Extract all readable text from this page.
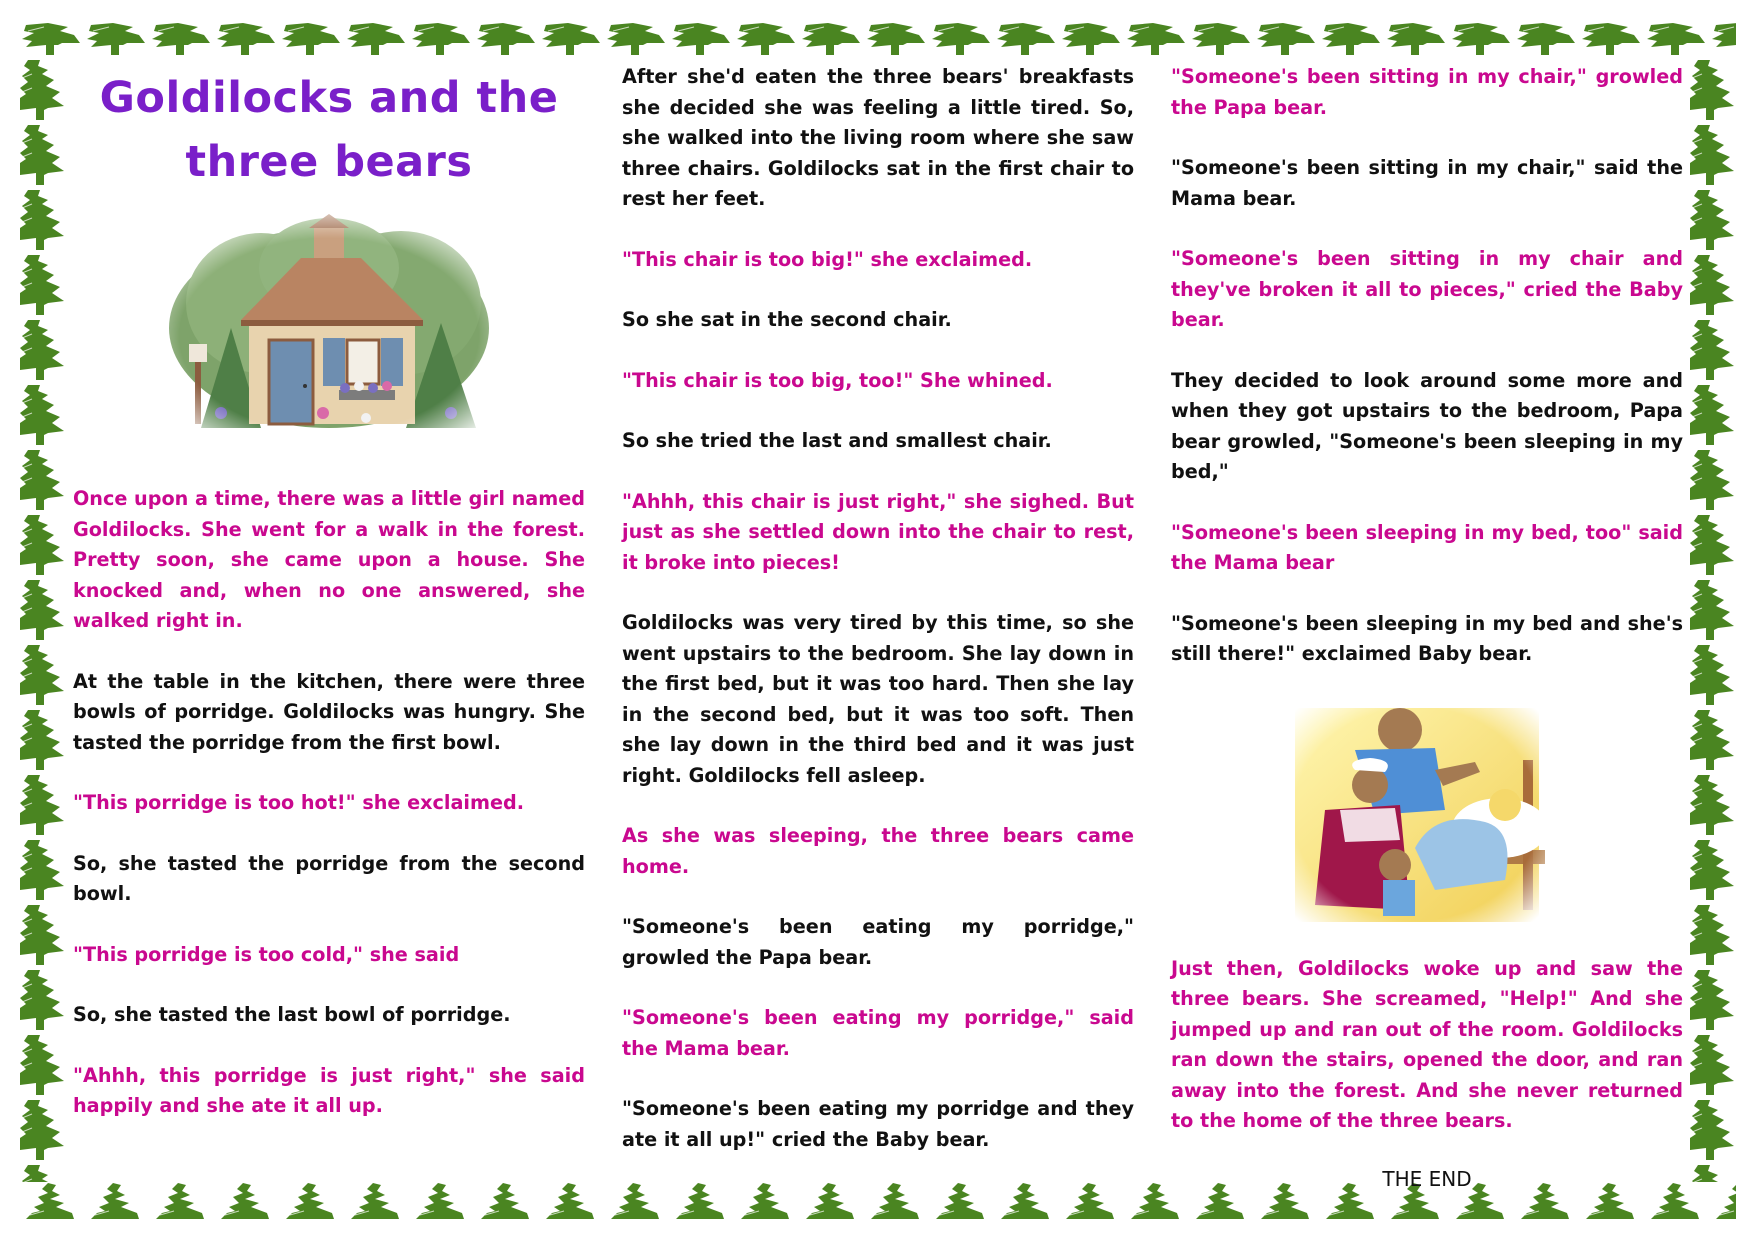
Goldilocks and the
three bears

Once upon a time, there was a little girl named Goldilocks. She went for a walk in the forest. Pretty soon, she came upon a house. She knocked and, when no one answered, she walked right in.

At the table in the kitchen, there were three bowls of porridge. Goldilocks was hungry. She tasted the porridge from the first bowl.

"This porridge is too hot!" she exclaimed.

So, she tasted the porridge from the second bowl.

"This porridge is too cold," she said

So, she tasted the last bowl of porridge.

"Ahhh, this porridge is just right," she said happily and she ate it all up.

After she'd eaten the three bears' breakfasts she decided she was feeling a little tired. So, she walked into the living room where she saw three chairs. Goldilocks sat in the first chair to rest her feet.

"This chair is too big!" she exclaimed.

So she sat in the second chair.

"This chair is too big, too!" She whined.

So she tried the last and smallest chair.

"Ahhh, this chair is just right," she sighed. But just as she settled down into the chair to rest, it broke into pieces!

Goldilocks was very tired by this time, so she went upstairs to the bedroom. She lay down in the first bed, but it was too hard. Then she lay in the second bed, but it was too soft. Then she lay down in the third bed and it was just right. Goldilocks fell asleep.

As she was sleeping, the three bears came home.

"Someone's been eating my porridge," growled the Papa bear.

"Someone's been eating my porridge," said the Mama bear.

"Someone's been eating my porridge and they ate it all up!" cried the Baby bear.

"Someone's been sitting in my chair," growled the Papa bear.

"Someone's been sitting in my chair," said the Mama bear.

"Someone's been sitting in my chair and they've broken it all to pieces," cried the Baby bear.

They decided to look around some more and when they got upstairs to the bedroom, Papa bear growled, "Someone's been sleeping in my bed,"

"Someone's been sleeping in my bed, too" said the Mama bear

"Someone's been sleeping in my bed and she's still there!" exclaimed Baby bear.

Just then, Goldilocks woke up and saw the three bears. She screamed, "Help!" And she jumped up and ran out of the room. Goldilocks ran down the stairs, opened the door, and ran away into the forest. And she never returned to the home of the three bears.

THE END
